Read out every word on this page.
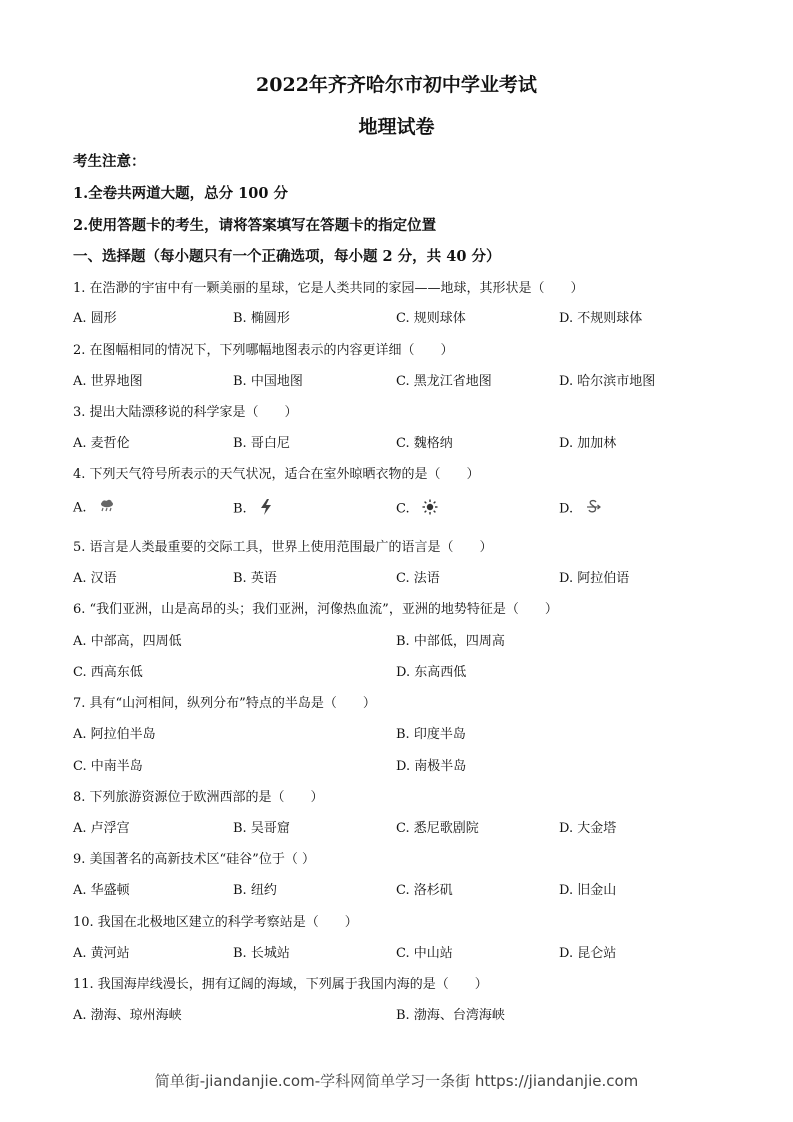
2022年齐齐哈尔市初中学业考试
地理试卷
考生注意：
1.全卷共两道大题，总分 100 分
2.使用答题卡的考生，请将答案填写在答题卡的指定位置
一、选择题（每小题只有一个正确选项，每小题 2 分，共 40 分）
1. 在浩渺的宇宙中有一颗美丽的星球，它是人类共同的家园——地球，其形状是（　　）
A. 圆形	B. 椭圆形	C. 规则球体	D. 不规则球体
2. 在图幅相同的情况下，下列哪幅地图表示的内容更详细（　　）
A. 世界地图	B. 中国地图	C. 黑龙江省地图	D. 哈尔滨市地图
3. 提出大陆漂移说的科学家是（　　）
A. 麦哲伦	B. 哥白尼	C. 魏格纳	D. 加加林
4. 下列天气符号所表示的天气状况，适合在室外晾晒衣物的是（　　）
A.	B.	C.	D.
5. 语言是人类最重要的交际工具，世界上使用范围最广的语言是（　　）
A. 汉语	B. 英语	C. 法语	D. 阿拉伯语
6. “我们亚洲，山是高昂的头；我们亚洲，河像热血流”，亚洲的地势特征是（　　）
A. 中部高，四周低	B. 中部低，四周高
C. 西高东低	D. 东高西低
7. 具有“山河相间，纵列分布”特点的半岛是（　　）
A. 阿拉伯半岛	B. 印度半岛
C. 中南半岛	D. 南极半岛
8. 下列旅游资源位于欧洲西部的是（　　）
A. 卢浮宫	B. 吴哥窟	C. 悉尼歌剧院	D. 大金塔
9. 美国著名的高新技术区“硅谷”位于（ ）
A. 华盛顿	B. 纽约	C. 洛杉矶	D. 旧金山
10. 我国在北极地区建立的科学考察站是（　　）
A. 黄河站	B. 长城站	C. 中山站	D. 昆仑站
11. 我国海岸线漫长，拥有辽阔的海域，下列属于我国内海的是（　　）
A. 渤海、琼州海峡	B. 渤海、台湾海峡
简单街-jiandanjie.com-学科网简单学习一条街 https://jiandanjie.com
